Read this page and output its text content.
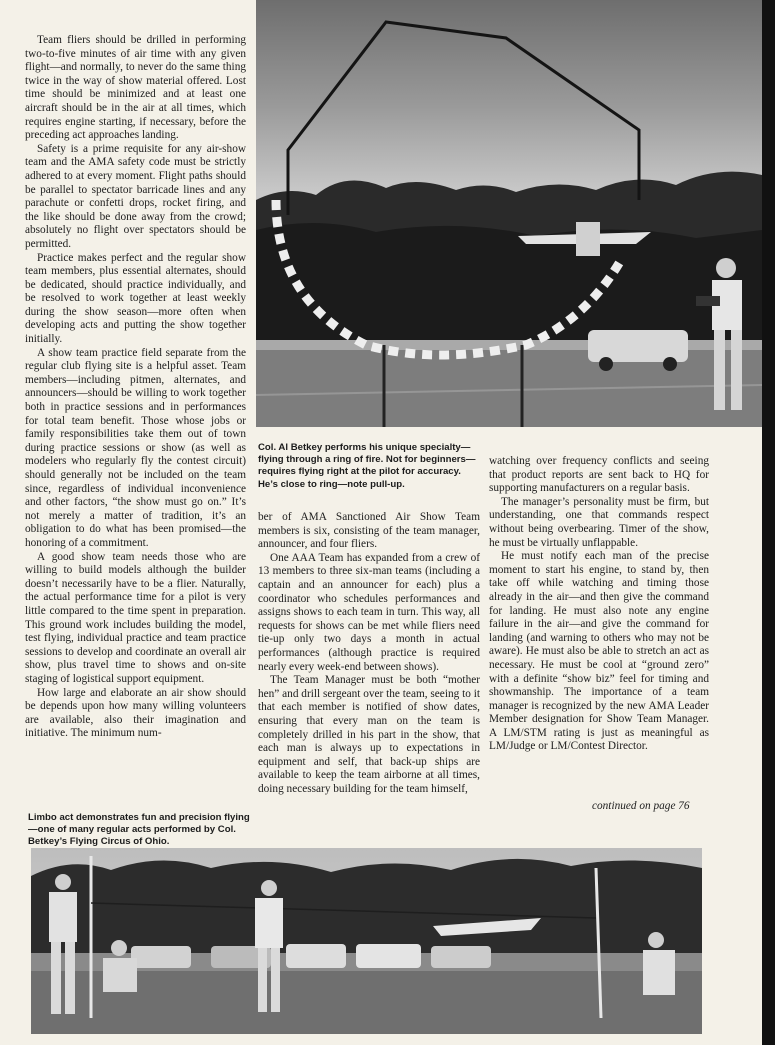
Team fliers should be drilled in performing two-to-five minutes of air time with any given flight—and normally, to never do the same thing twice in the way of show material offered. Lost time should be minimized and at least one aircraft should be in the air at all times, which requires engine starting, if necessary, before the preceding act approaches landing.

Safety is a prime requisite for any air-show team and the AMA safety code must be strictly adhered to at every moment. Flight paths should be parallel to spectator barricade lines and any parachute or confetti drops, rocket firing, and the like should be done away from the crowd; absolutely no flight over spectators should be permitted.

Practice makes perfect and the regular show team members, plus essential alternates, should be dedicated, should practice individually, and be resolved to work together at least weekly during the show season—more often when developing acts and putting the show together initially.

A show team practice field separate from the regular club flying site is a helpful asset. Team members—including pitmen, alternates, and announcers—should be willing to work together both in practice sessions and in performances for total team benefit. Those whose jobs or family responsibilities take them out of town during practice sessions or show (as well as modelers who regularly fly the contest circuit) should generally not be included on the team since, regardless of individual inconvenience and other factors, “the show must go on.” It’s not merely a matter of tradition, it’s an obligation to do what has been promised—the honoring of a commitment.

A good show team needs those who are willing to build models although the builder doesn’t necessarily have to be a flier. Naturally, the actual performance time for a pilot is very little compared to the time spent in preparation. This ground work includes building the model, test flying, individual practice and team practice sessions to develop and coordinate an overall air show, plus travel time to shows and on-site staging of logistical support equipment.

How large and elaborate an air show should be depends upon how many willing volunteers are available, also their imagination and initiative. The minimum num-

Col. Al Betkey performs his unique specialty—flying through a ring of fire. Not for beginners—requires flying right at the pilot for accuracy. He’s close to ring—note pull-up.

ber of AMA Sanctioned Air Show Team members is six, consisting of the team manager, announcer, and four fliers.

One AAA Team has expanded from a crew of 13 members to three six-man teams (including a captain and an announcer for each) plus a coordinator who schedules performances and assigns shows to each team in turn. This way, all requests for shows can be met while fliers need tie-up only two days a month in actual performances (although practice is required nearly every week-end between shows).

The Team Manager must be both “mother hen” and drill sergeant over the team, seeing to it that each member is notified of show dates, ensuring that every man on the team is completely drilled in his part in the show, that each man is always up to expectations in equipment and self, that back-up ships are available to keep the team airborne at all times, doing necessary building for the team himself,

watching over frequency conflicts and seeing that product reports are sent back to HQ for supporting manufacturers on a regular basis.

The manager’s personality must be firm, but understanding, one that commands respect without being overbearing. Timer of the show, he must be virtually unflappable.

He must notify each man of the precise moment to start his engine, to stand by, then take off while watching and timing those already in the air—and then give the command for landing. He must also note any engine failure in the air—and give the command for landing (and warning to others who may not be aware). He must also be able to stretch an act as necessary. He must be cool at “ground zero” with a definite “show biz” feel for timing and showmanship. The importance of a team manager is recognized by the new AMA Leader Member designation for Show Team Manager. A LM/STM rating is just as meaningful as LM/Judge or LM/Contest Director.

continued on page 76
Limbo act demonstrates fun and precision flying—one of many regular acts performed by Col. Betkey’s Flying Circus of Ohio.
